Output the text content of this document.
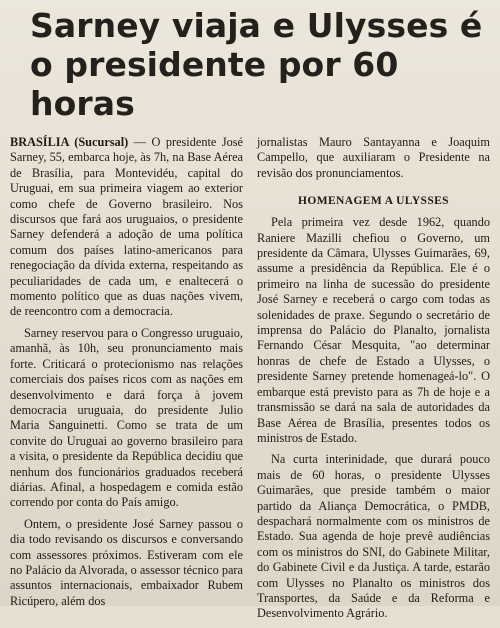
Sarney viaja e Ulysses é o presidente por 60 horas

BRASÍLIA (Sucursal) — O presidente José Sarney, 55, embarca hoje, às 7h, na Base Aérea de Brasília, para Montevidéu, capital do Uruguai, em sua primeira viagem ao exterior como chefe de Governo brasileiro. Nos discursos que fará aos uruguaios, o presidente Sarney defenderá a adoção de uma política comum dos países latino-americanos para renegociação da dívida externa, respeitando as peculiaridades de cada um, e enaltecerá o momento político que as duas nações vivem, de reencontro com a democracia.

Sarney reservou para o Congresso uruguaio, amanhã, às 10h, seu pronunciamento mais forte. Criticará o protecionismo nas relações comerciais dos países ricos com as nações em desenvolvimento e dará força à jovem democracia uruguaia, do presidente Julio Maria Sanguinetti. Como se trata de um convite do Uruguai ao governo brasileiro para a visita, o presidente da República decidiu que nenhum dos funcionários graduados receberá diárias. Afinal, a hospedagem e comida estão correndo por conta do País amigo.

Ontem, o presidente José Sarney passou o dia todo revisando os discursos e conversando com assessores próximos. Estiveram com ele no Palácio da Alvorada, o assessor técnico para assuntos internacionais, embaixador Rubem Ricúpero, além dos

jornalistas Mauro Santayanna e Joaquim Campello, que auxiliaram o Presidente na revisão dos pronunciamentos.

HOMENAGEM A ULYSSES

Pela primeira vez desde 1962, quando Raniere Mazilli chefiou o Governo, um presidente da Câmara, Ulysses Guimarães, 69, assume a presidência da República. Ele é o primeiro na linha de sucessão do presidente José Sarney e receberá o cargo com todas as solenidades de praxe. Segundo o secretário de imprensa do Palácio do Planalto, jornalista Fernando César Mesquita, "ao determinar honras de chefe de Estado a Ulysses, o presidente Sarney pretende homenageá-lo". O embarque está previsto para as 7h de hoje e a transmissão se dará na sala de autoridades da Base Aérea de Brasília, presentes todos os ministros de Estado.

Na curta interinidade, que durará pouco mais de 60 horas, o presidente Ulysses Guimarães, que preside também o maior partido da Aliança Democrática, o PMDB, despachará normalmente com os ministros de Estado. Sua agenda de hoje prevê audiências com os ministros do SNI, do Gabinete Militar, do Gabinete Civil e da Justiça. A tarde, estarão com Ulysses no Planalto os ministros dos Transportes, da Saúde e da Reforma e Desenvolvimento Agrário.
